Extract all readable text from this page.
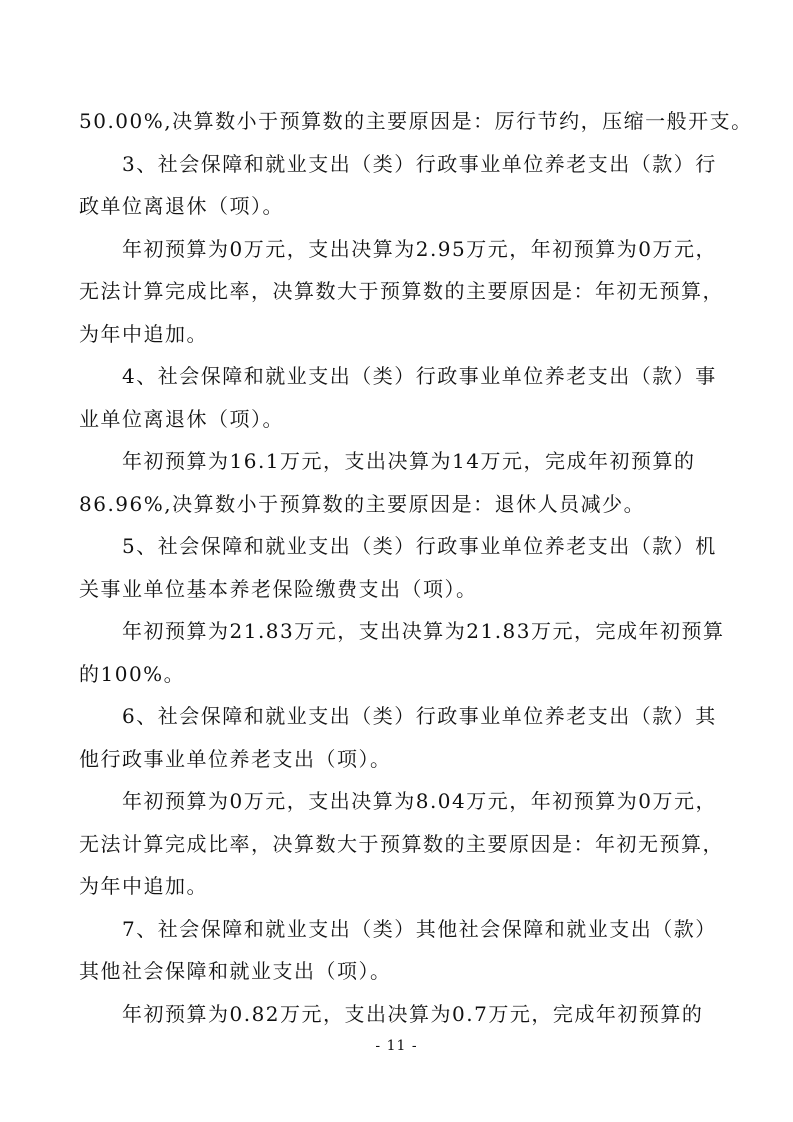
50.00%,决算数小于预算数的主要原因是：厉行节约，压缩一般开支。

3、社会保障和就业支出（类）行政事业单位养老支出（款）行
政单位离退休（项）。

年初预算为0万元，支出决算为2.95万元，年初预算为0万元，
无法计算完成比率，决算数大于预算数的主要原因是：年初无预算，
为年中追加。

4、社会保障和就业支出（类）行政事业单位养老支出（款）事
业单位离退休（项）。

年初预算为16.1万元，支出决算为14万元，完成年初预算的
86.96%,决算数小于预算数的主要原因是：退休人员减少。

5、社会保障和就业支出（类）行政事业单位养老支出（款）机
关事业单位基本养老保险缴费支出（项）。

年初预算为21.83万元，支出决算为21.83万元，完成年初预算
的100%。

6、社会保障和就业支出（类）行政事业单位养老支出（款）其
他行政事业单位养老支出（项）。

年初预算为0万元，支出决算为8.04万元，年初预算为0万元，
无法计算完成比率，决算数大于预算数的主要原因是：年初无预算，
为年中追加。

7、社会保障和就业支出（类）其他社会保障和就业支出（款）
其他社会保障和就业支出（项）。

年初预算为0.82万元，支出决算为0.7万元，完成年初预算的

- 11 -
